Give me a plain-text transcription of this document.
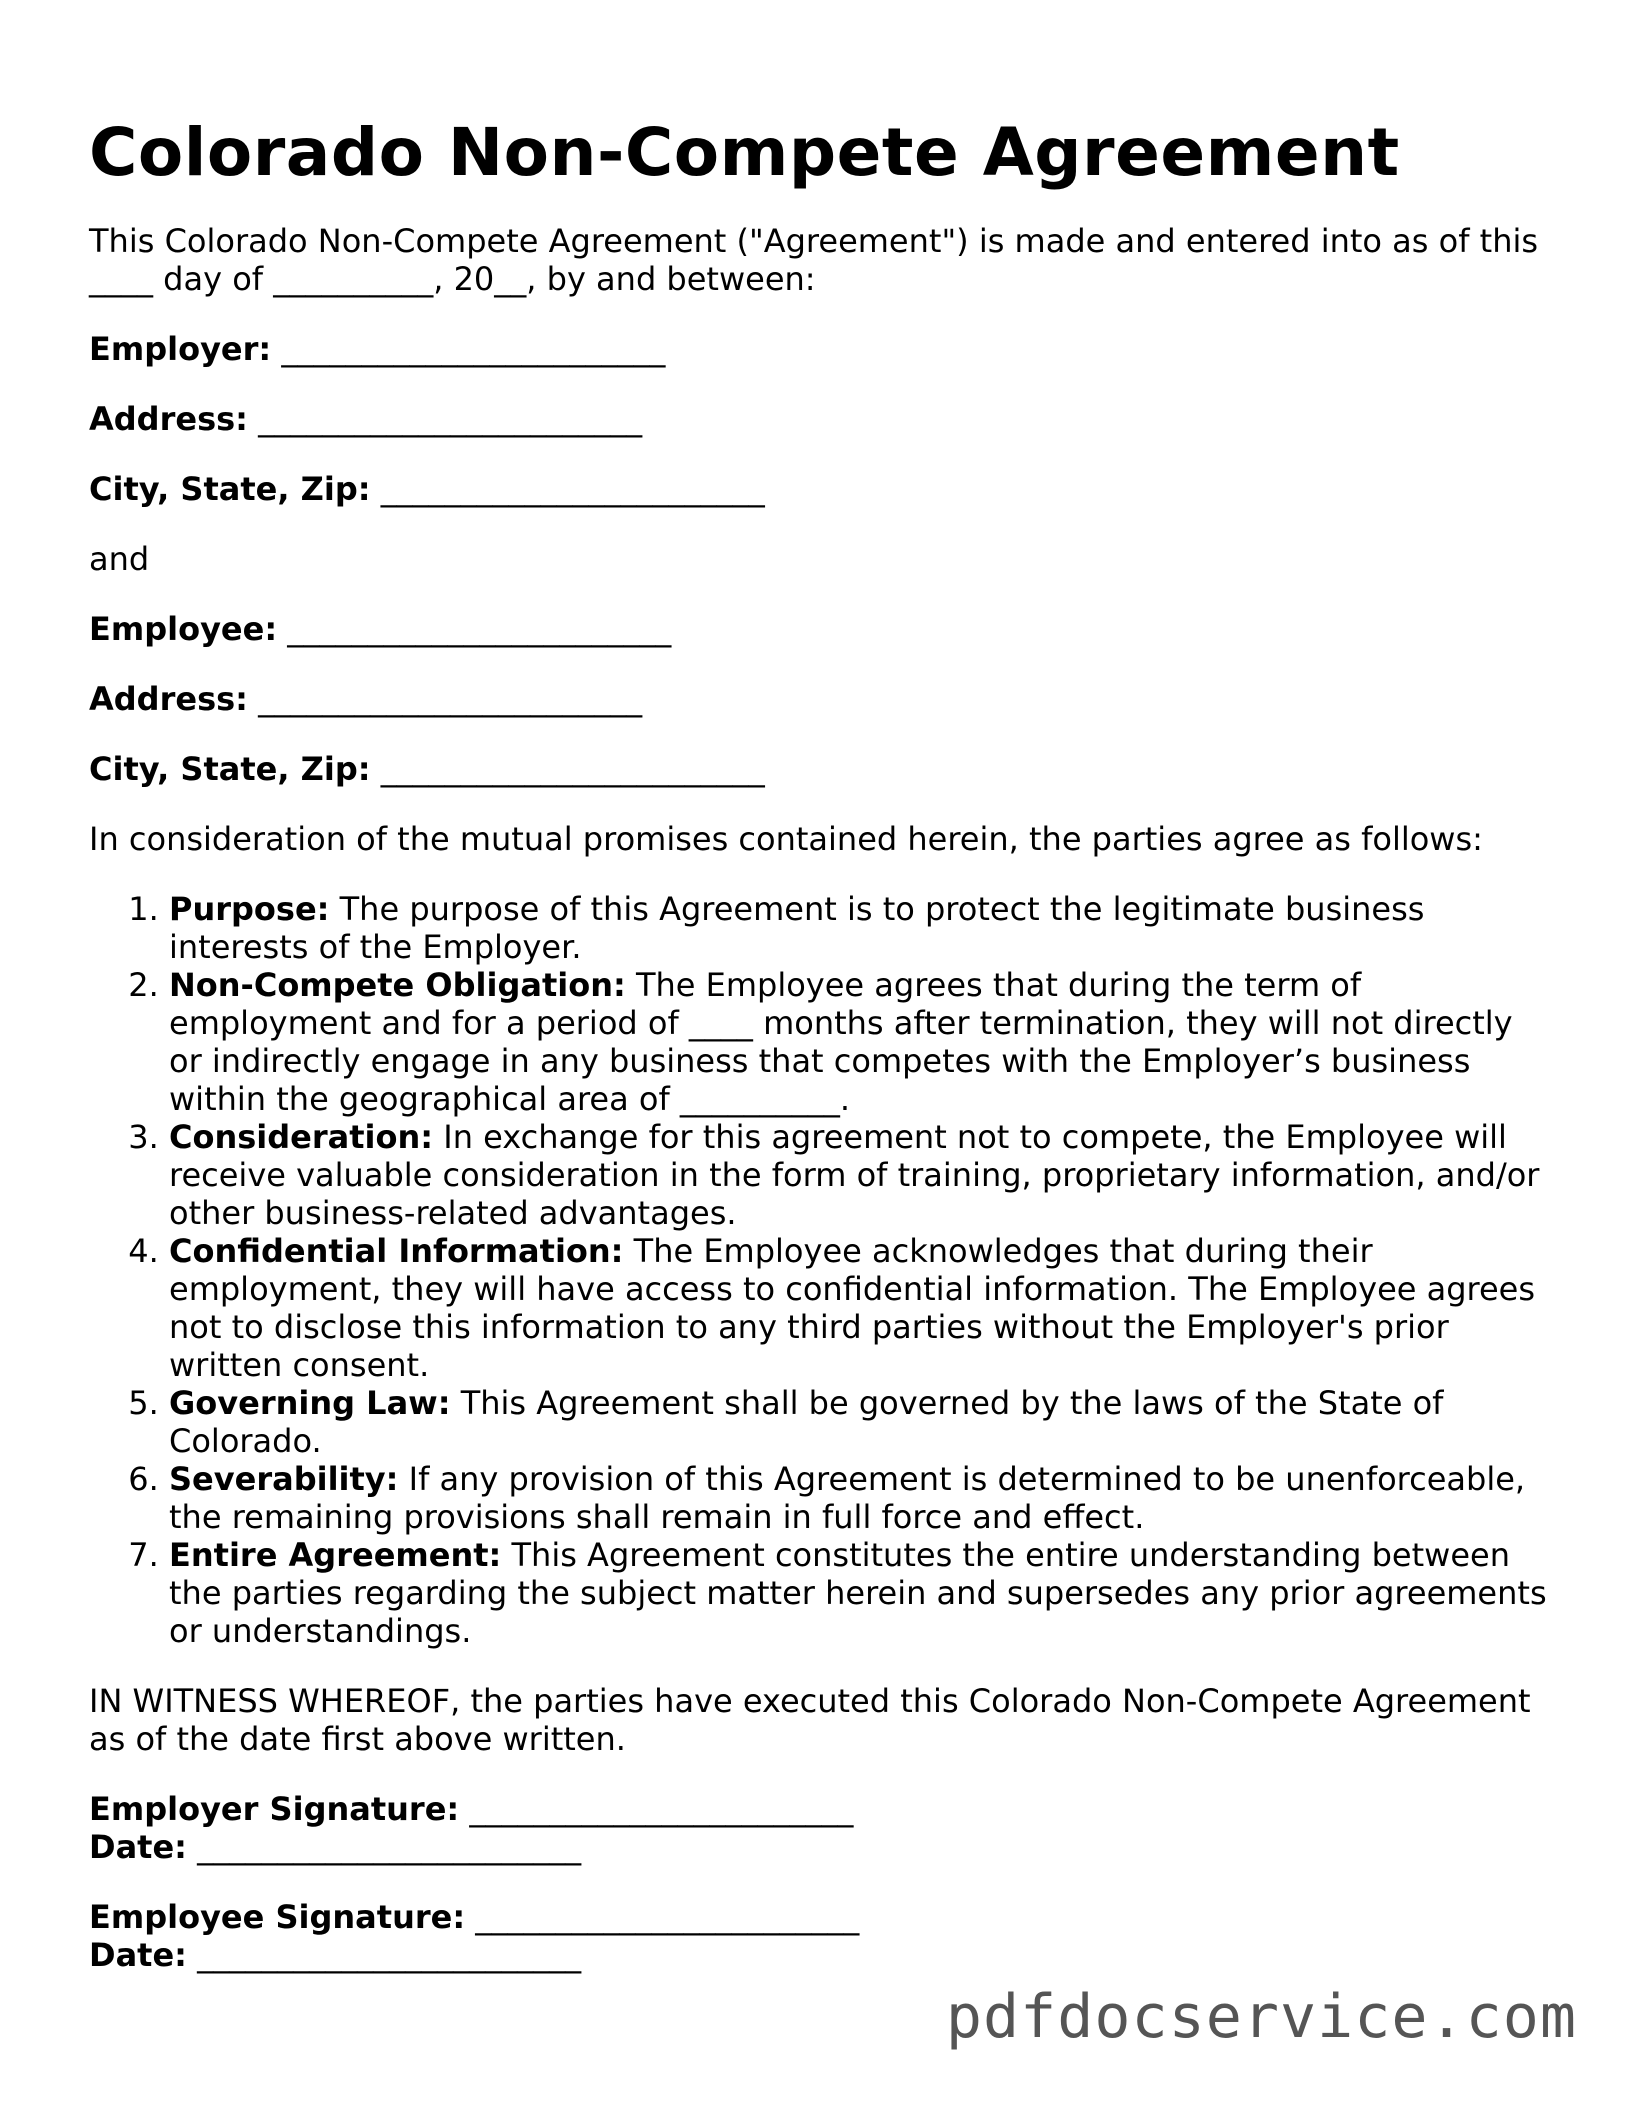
Colorado Non-Compete Agreement

This Colorado Non-Compete Agreement ("Agreement") is made and entered into as of this ____ day of __________, 20__, by and between:

Employer: ________________________

Address: ________________________

City, State, Zip: ________________________

and

Employee: ________________________

Address: ________________________

City, State, Zip: ________________________

In consideration of the mutual promises contained herein, the parties agree as follows:

1. Purpose: The purpose of this Agreement is to protect the legitimate business interests of the Employer.
2. Non-Compete Obligation: The Employee agrees that during the term of employment and for a period of ____ months after termination, they will not directly or indirectly engage in any business that competes with the Employer’s business within the geographical area of __________.
3. Consideration: In exchange for this agreement not to compete, the Employee will receive valuable consideration in the form of training, proprietary information, and/or other business-related advantages.
4. Confidential Information: The Employee acknowledges that during their employment, they will have access to confidential information. The Employee agrees not to disclose this information to any third parties without the Employer's prior written consent.
5. Governing Law: This Agreement shall be governed by the laws of the State of Colorado.
6. Severability: If any provision of this Agreement is determined to be unenforceable, the remaining provisions shall remain in full force and effect.
7. Entire Agreement: This Agreement constitutes the entire understanding between the parties regarding the subject matter herein and supersedes any prior agreements or understandings.

IN WITNESS WHEREOF, the parties have executed this Colorado Non-Compete Agreement as of the date first above written.

Employer Signature: ________________________

Date: ________________________

Employee Signature: ________________________

Date: ________________________

pdfdocservice.com
